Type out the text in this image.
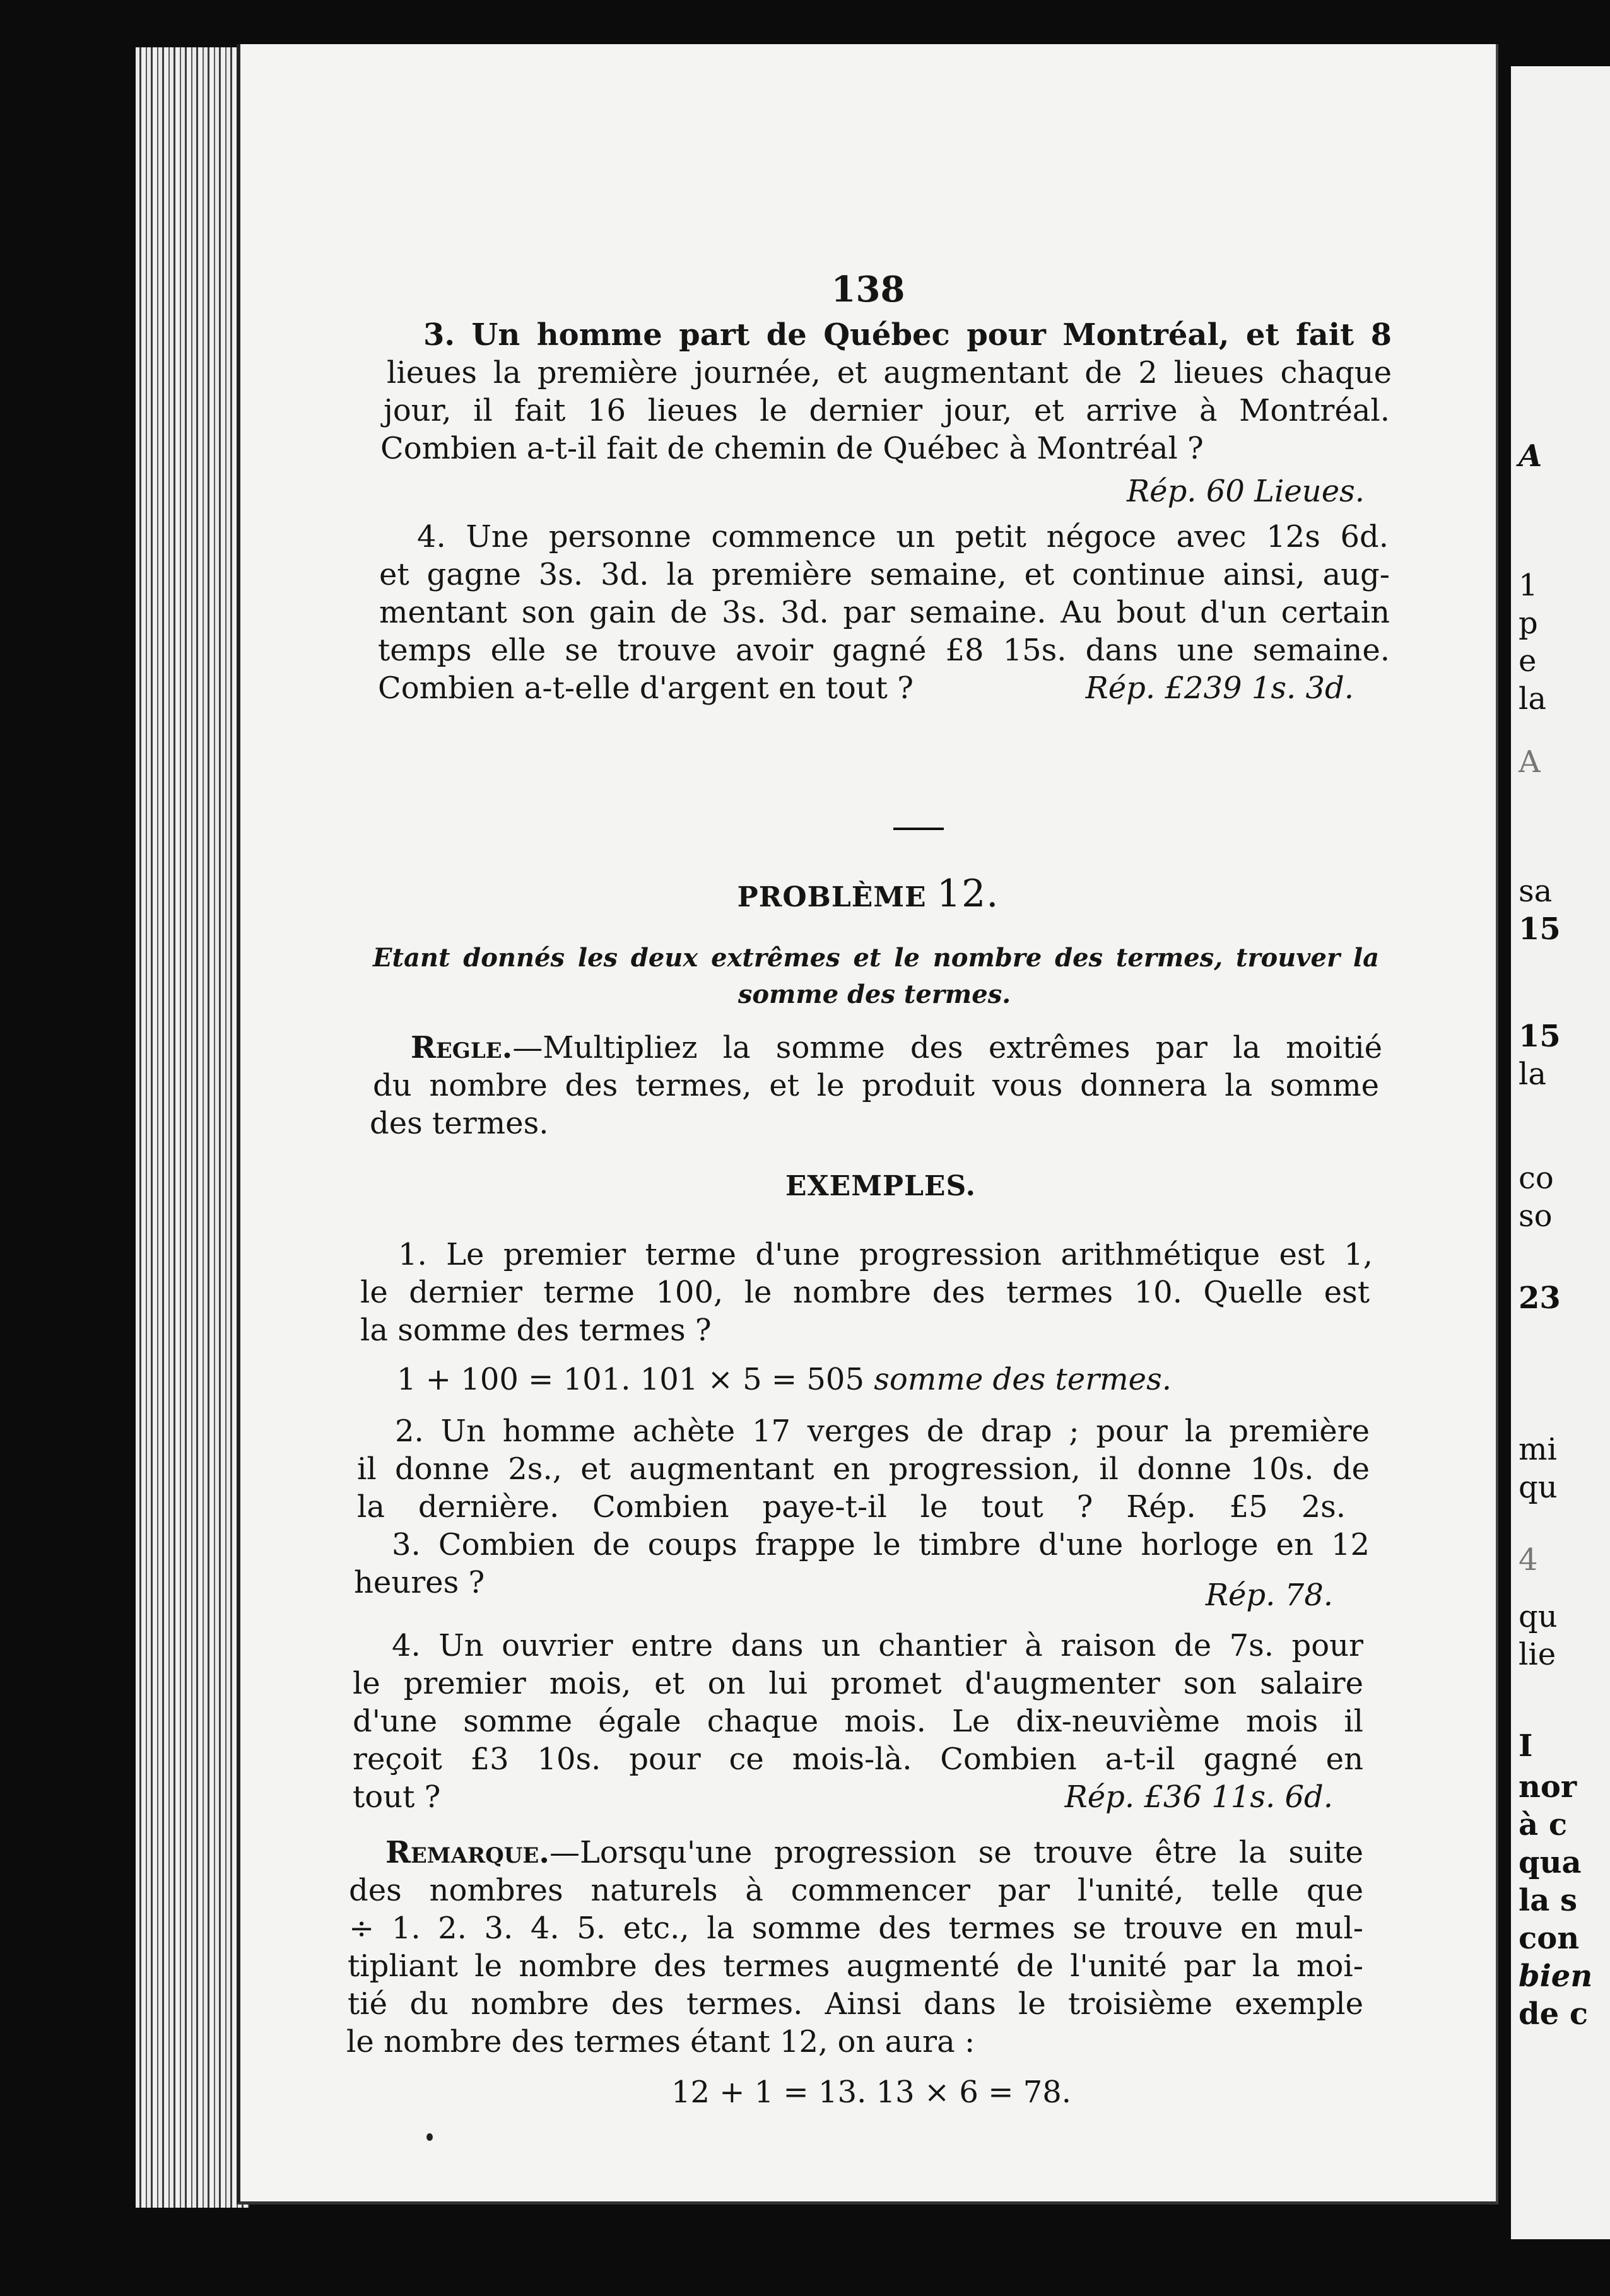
138
3. Un homme part de Québec pour Montréal, et fait 8
lieues la première journée, et augmentant de 2 lieues chaque
jour, il fait 16 lieues le dernier jour, et arrive à Montréal.
Combien a-t-il fait de chemin de Québec à Montréal ?
Rép. 60 Lieues.
4. Une personne commence un petit négoce avec 12s 6d.
et gagne 3s. 3d. la première semaine, et continue ainsi, aug-
mentant son gain de 3s. 3d. par semaine. Au bout d'un certain
temps elle se trouve avoir gagné £8 15s. dans une semaine.
Combien a-t-elle d'argent en tout ?	Rép. £239 1s. 3d.
PROBLÈME 12.
Etant donnés les deux extrêmes et le nombre des termes, trouver la
somme des termes.
Regle.—Multipliez la somme des extrêmes par la moitié
du nombre des termes, et le produit vous donnera la somme
des termes.
EXEMPLES.
1. Le premier terme d'une progression arithmétique est 1,
le dernier terme 100, le nombre des termes 10. Quelle est
la somme des termes ?
1 + 100 = 101. 101 × 5 = 505 somme des termes.
2. Un homme achète 17 verges de drap ; pour la première
il donne 2s., et augmentant en progression, il donne 10s. de
la dernière. Combien paye-t-il le tout ? Rép. £5 2s.
3. Combien de coups frappe le timbre d'une horloge en 12
heures ?	Rép. 78.
4. Un ouvrier entre dans un chantier à raison de 7s. pour
le premier mois, et on lui promet d'augmenter son salaire
d'une somme égale chaque mois. Le dix-neuvième mois il
reçoit £3 10s. pour ce mois-là. Combien a-t-il gagné en
tout ?	Rép. £36 11s. 6d.
Remarque.—Lorsqu'une progression se trouve être la suite
des nombres naturels à commencer par l'unité, telle que
÷ 1. 2. 3. 4. 5. etc., la somme des termes se trouve en mul-
tipliant le nombre des termes augmenté de l'unité par la moi-
tié du nombre des termes. Ainsi dans le troisième exemple
le nombre des termes étant 12, on aura :
12 + 1 = 13. 13 × 6 = 78.
A
1
p
e
la
A
sa
15
15
la
co
so
23
mi
qu
4
qu
lie
I
nor
à c
qua
la s
con
bien
de c
